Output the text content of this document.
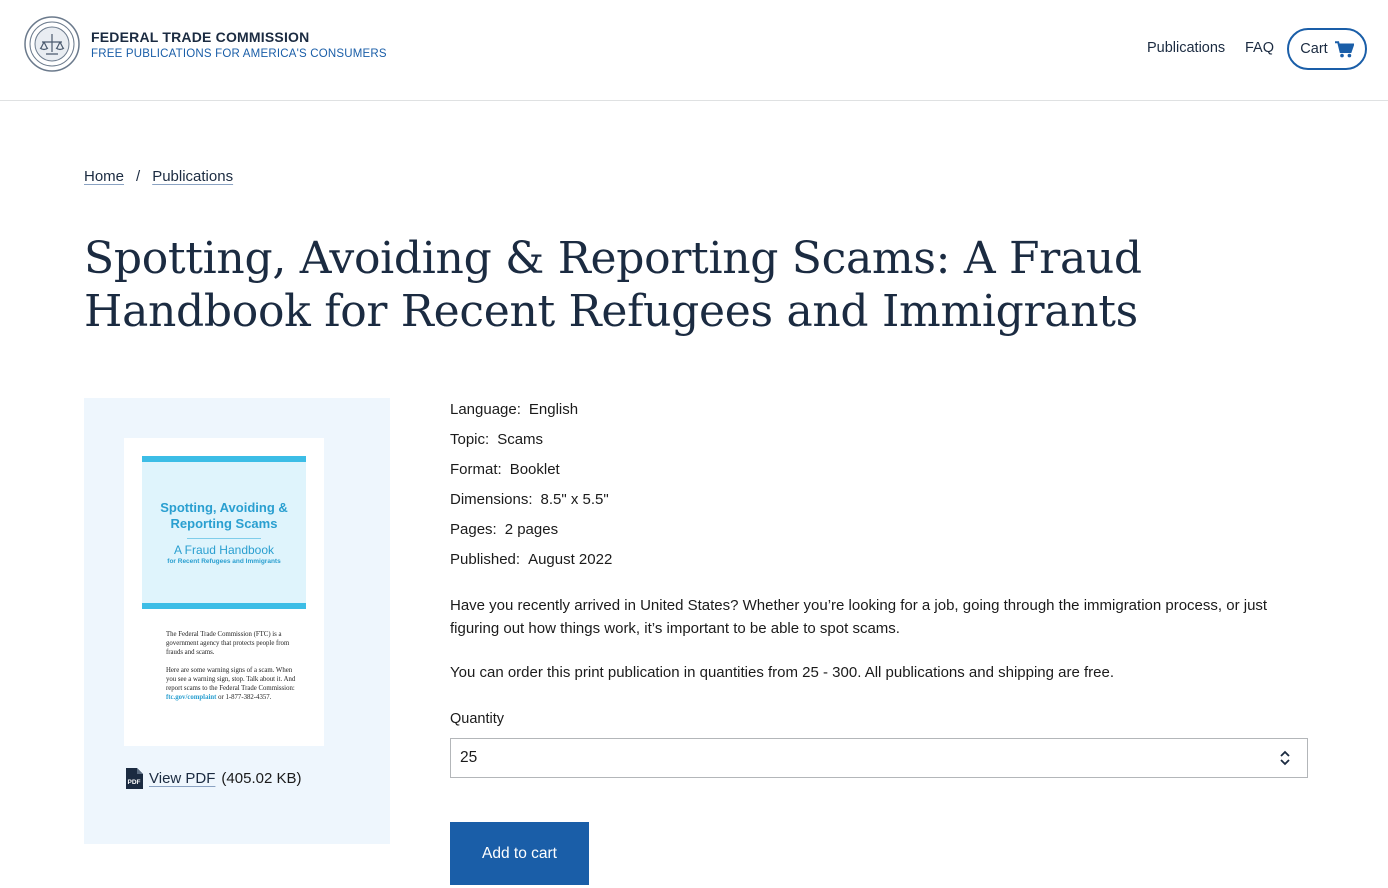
FEDERAL TRADE COMMISSION
FREE PUBLICATIONS FOR AMERICA'S CONSUMERS	Publications FAQ Cart
Home / Publications
Spotting, Avoiding & Reporting Scams: A Fraud Handbook for Recent Refugees and Immigrants
Spotting, Avoiding & Reporting Scams
A Fraud Handbook
for Recent Refugees and Immigrants

The Federal Trade Commission (FTC) is a government agency that protects people from frauds and scams.

Here are some warning signs of a scam. When you see a warning sign, stop. Talk about it. And report scams to the Federal Trade Commission: ftc.gov/complaint or 1-877-382-4357.

PDF View PDF (405.02 KB)
Language: English
Topic: Scams
Format: Booklet
Dimensions: 8.5" x 5.5"
Pages: 2 pages
Published: August 2022

Have you recently arrived in United States? Whether you’re looking for a job, going through the immigration process, or just figuring out how things work, it’s important to be able to spot scams.

You can order this print publication in quantities from 25 - 300. All publications and shipping are free.

Quantity
25
Add to cart
